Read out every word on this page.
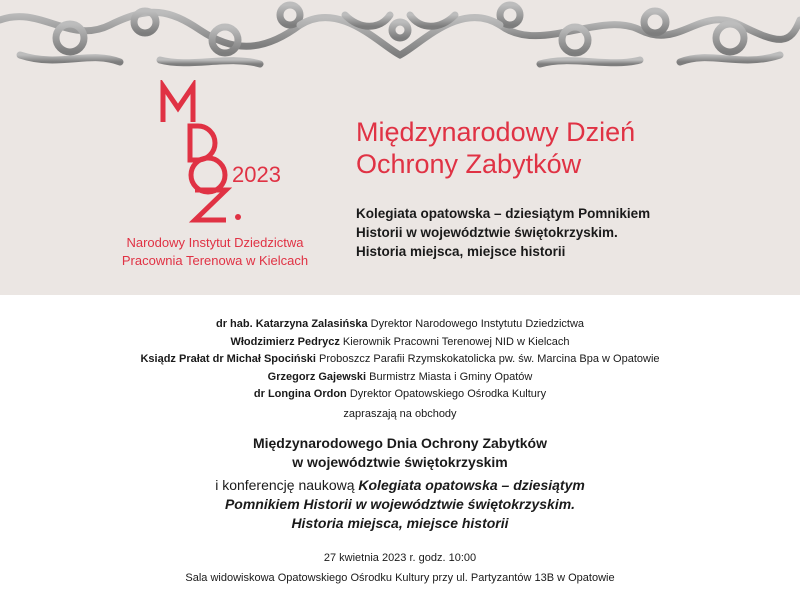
2023
Narodowy Instytut Dziedzictwa
Pracownia Terenowa w Kielcach
Międzynarodowy Dzień
Ochrony Zabytków
Kolegiata opatowska – dziesiątym Pomnikiem
Historii w województwie świętokrzyskim.
Historia miejsca, miejsce historii
dr hab. Katarzyna Zalasińska Dyrektor Narodowego Instytutu Dziedzictwa
Włodzimierz Pedrycz Kierownik Pracowni Terenowej NID w Kielcach
Ksiądz Prałat dr Michał Spociński Proboszcz Parafii Rzymskokatolicka pw. św. Marcina Bpa w Opatowie
Grzegorz Gajewski Burmistrz Miasta i Gminy Opatów
dr Longina Ordon Dyrektor Opatowskiego Ośrodka Kultury
zapraszają na obchody
Międzynarodowego Dnia Ochrony Zabytków
w województwie świętokrzyskim
i konferencję naukową Kolegiata opatowska – dziesiątym
Pomnikiem Historii w województwie świętokrzyskim.
Historia miejsca, miejsce historii
27 kwietnia 2023 r. godz. 10:00
Sala widowiskowa Opatowskiego Ośrodku Kultury przy ul. Partyzantów 13B w Opatowie
